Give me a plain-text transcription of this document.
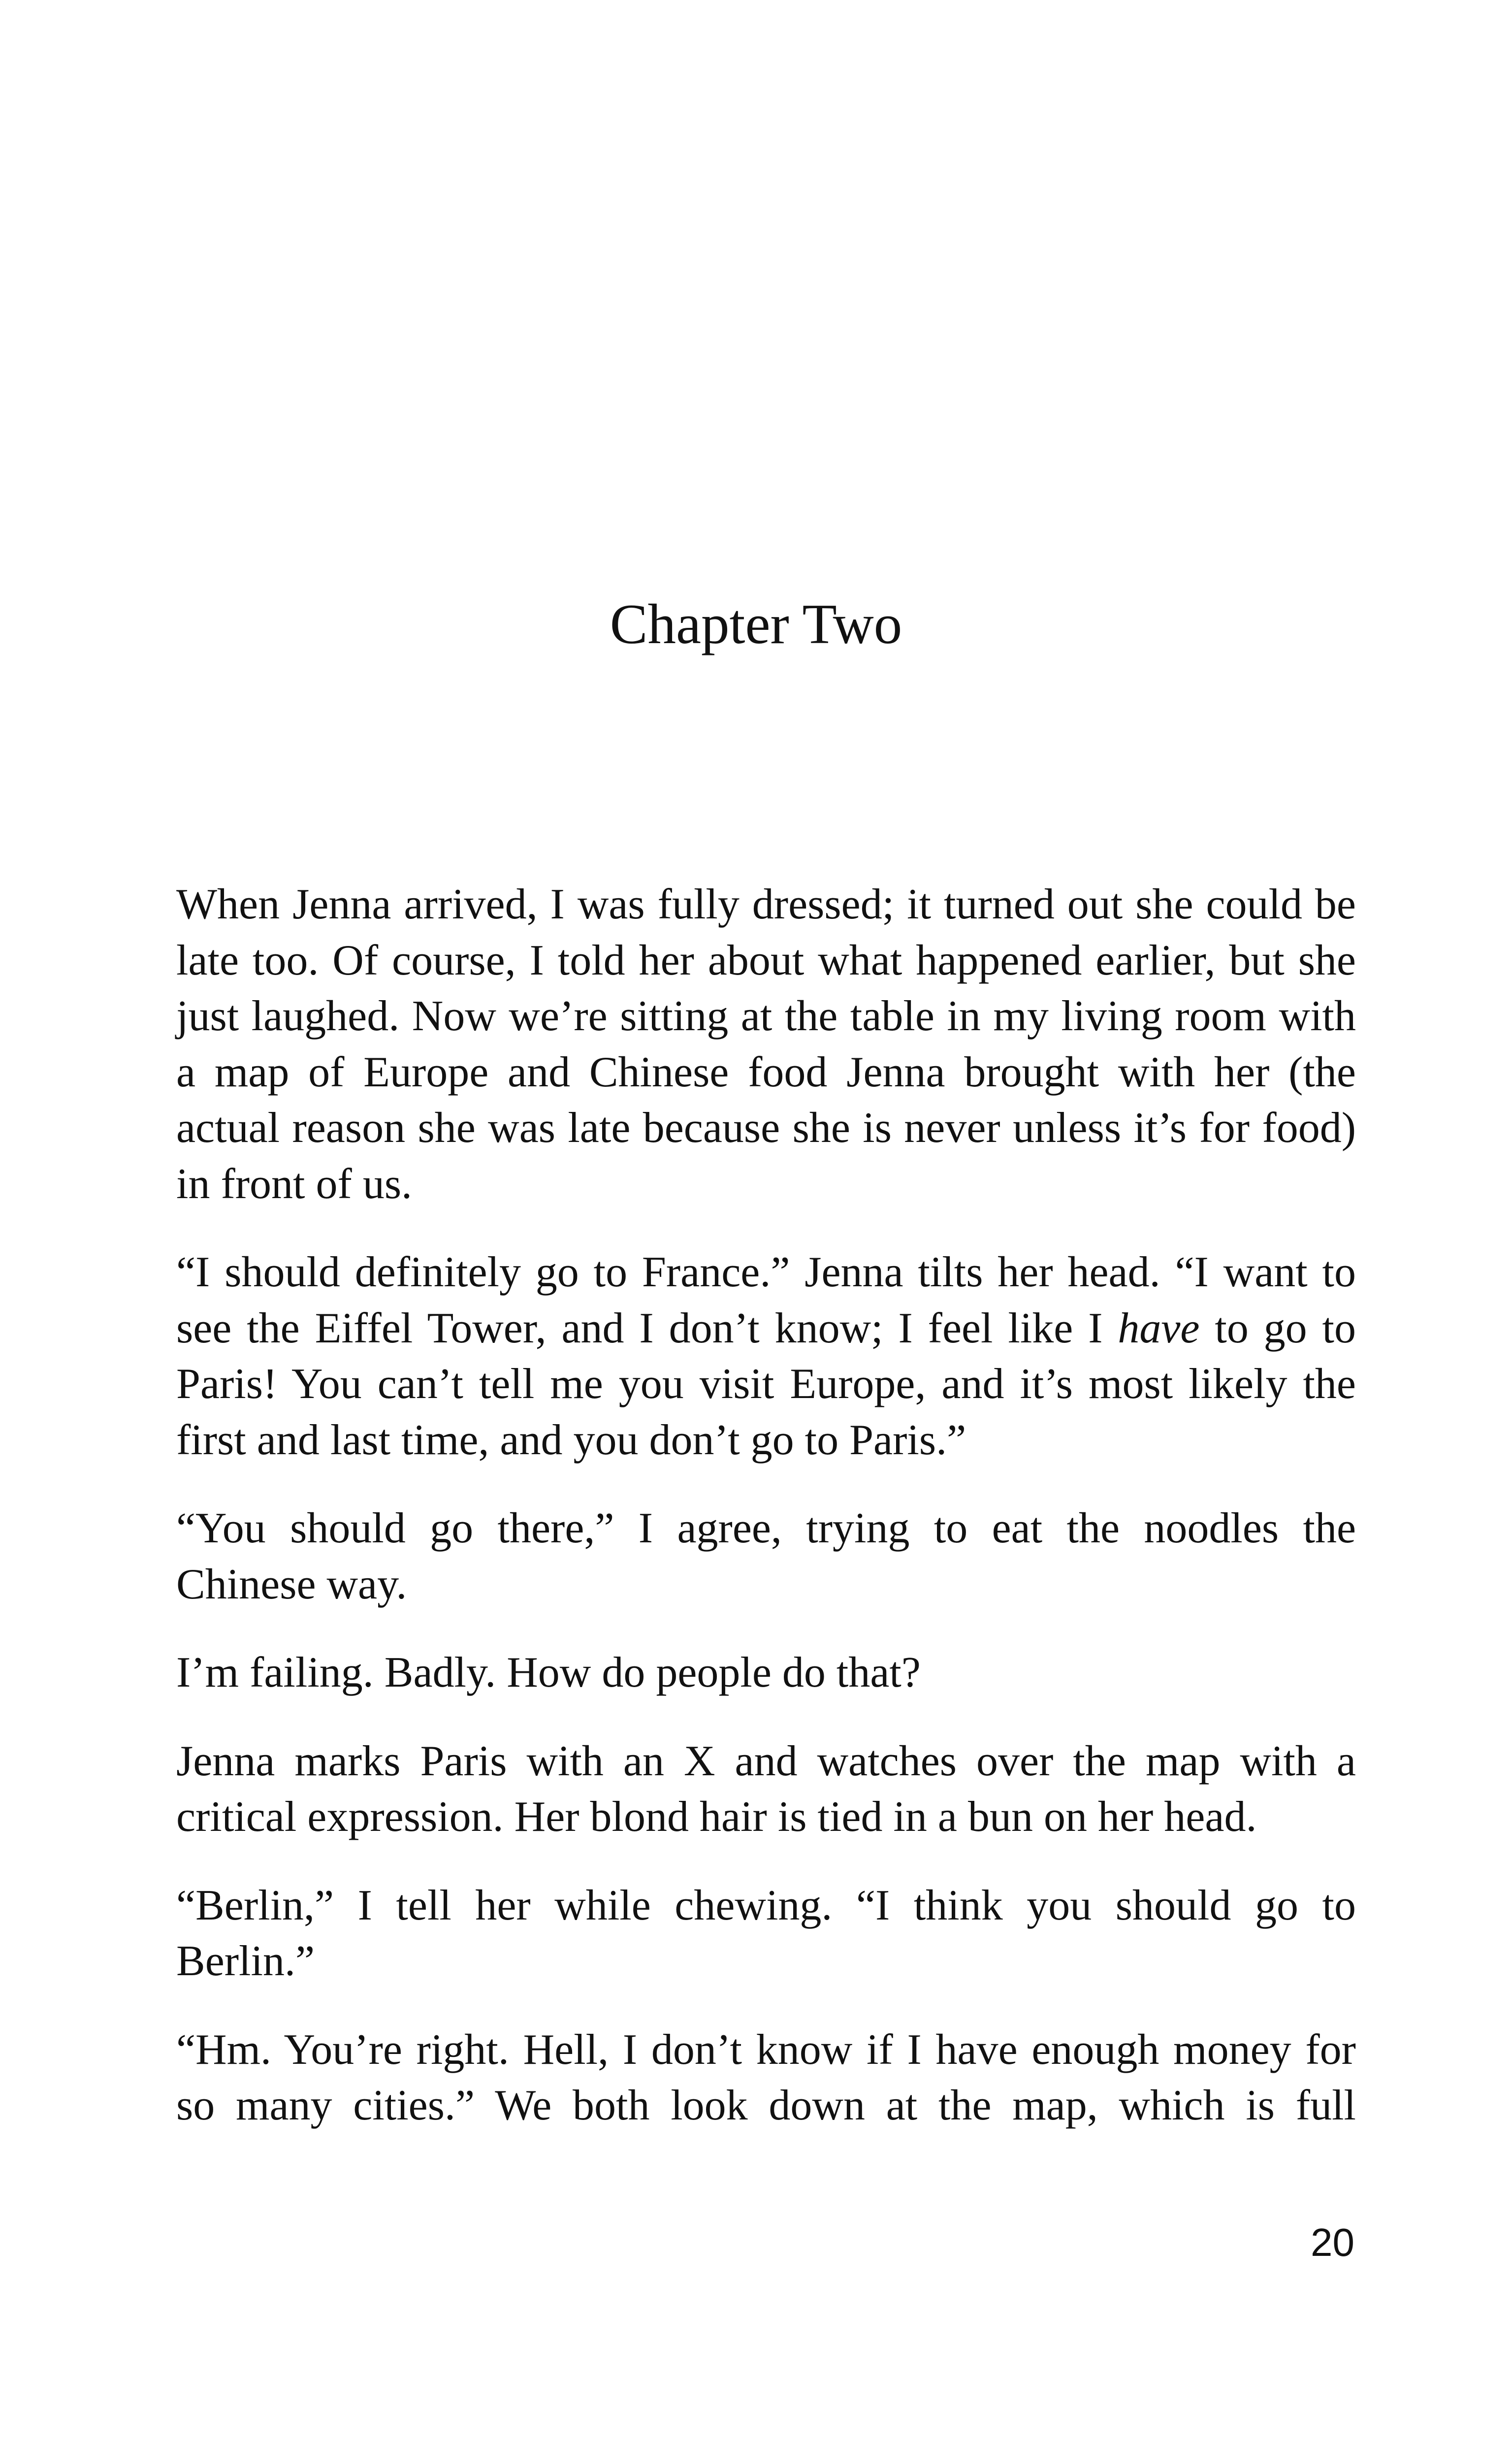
Chapter Two

When Jenna arrived, I was fully dressed; it turned out she could be late too. Of course, I told her about what happened earlier, but she just laughed. Now we’re sitting at the table in my living room with a map of Europe and Chinese food Jenna brought with her (the actual reason she was late because she is never unless it’s for food) in front of us.

“I should definitely go to France.” Jenna tilts her head. “I want to see the Eiffel Tower, and I don’t know; I feel like I have to go to Paris! You can’t tell me you visit Europe, and it’s most likely the first and last time, and you don’t go to Paris.”

“You should go there,” I agree, trying to eat the noodles the Chinese way.

I’m failing. Badly. How do people do that?

Jenna marks Paris with an X and watches over the map with a critical expression. Her blond hair is tied in a bun on her head.

“Berlin,” I tell her while chewing. “I think you should go to Berlin.”

“Hm. You’re right. Hell, I don’t know if I have enough money for so many cities.” We both look down at the map, which is full

20
